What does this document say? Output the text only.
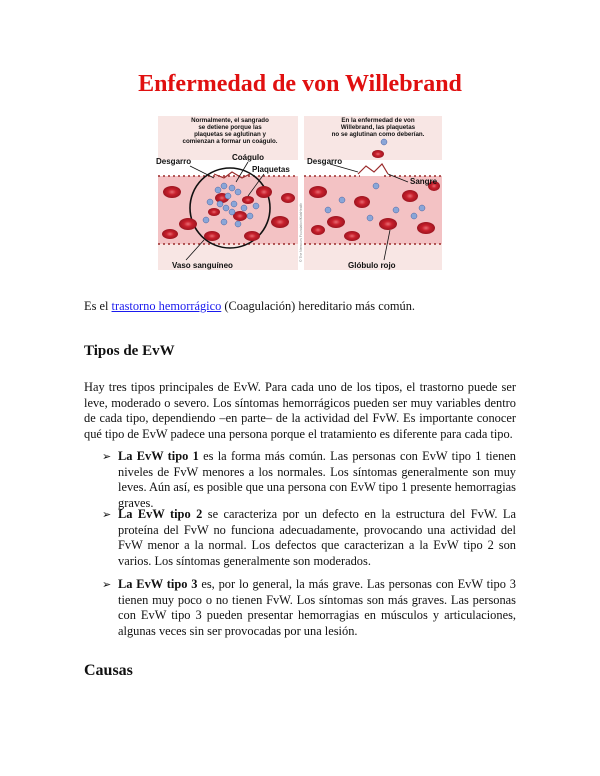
Enfermedad de von Willebrand
Normalmente, el sangrado
se detiene porque las
plaquetas se aglutinan y
comienzan a formar un coágulo.
En la enfermedad de von
Willebrand, las plaquetas
no se aglutinan como deberían.
Desgarro	Coágulo
Plaquetas
Vaso sanguíneo
Desgarro
Sangre
Glóbulo rojo
© The Nemours Foundation/KidsHealth

Es el trastorno hemorrágico (Coagulación) hereditario más común.

Tipos de EvW

Hay tres tipos principales de EvW. Para cada uno de los tipos, el trastorno puede ser leve, moderado o severo. Los síntomas hemorrágicos pueden ser muy variables dentro de cada tipo, dependiendo –en parte– de la actividad del FvW. Es importante conocer qué tipo de EvW padece una persona porque el tratamiento es diferente para cada tipo.

➢ La EvW tipo 1 es la forma más común. Las personas con EvW tipo 1 tienen niveles de FvW menores a los normales. Los síntomas generalmente son muy leves. Aún así, es posible que una persona con EvW tipo 1 presente hemorragias graves.
➢ La EvW tipo 2 se caracteriza por un defecto en la estructura del FvW. La proteína del FvW no funciona adecuadamente, provocando una actividad del FvW menor a la normal. Los defectos que caracterizan a la EvW tipo 2 son varios. Los síntomas generalmente son moderados.
➢ La EvW tipo 3 es, por lo general, la más grave. Las personas con EvW tipo 3 tienen muy poco o no tienen FvW. Los síntomas son más graves. Las personas con EvW tipo 3 pueden presentar hemorragias en músculos y articulaciones, algunas veces sin ser provocadas por una lesión.
Causas
